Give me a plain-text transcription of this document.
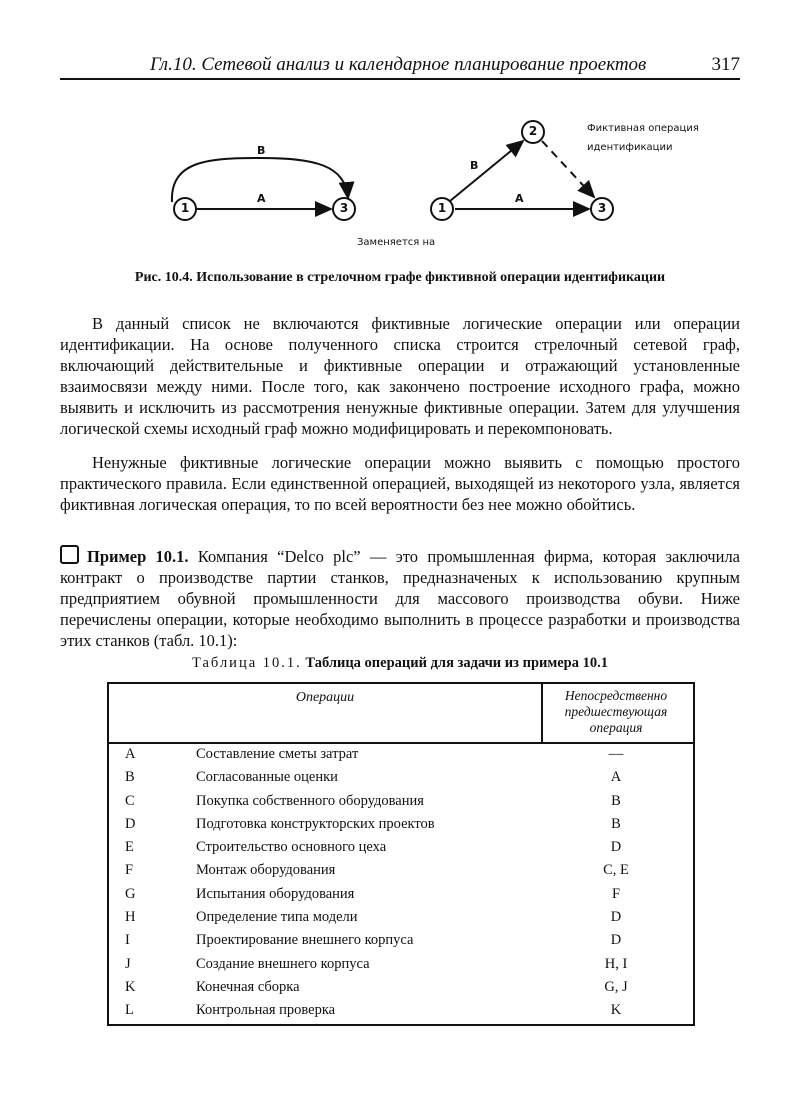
Гл.10. Сетевой анализ и календарное планирование проектов	317
B
A
1	3
B
A
1
2
3
Фиктивная операция
идентификации
Заменяется на
Рис. 10.4. Использование в стрелочном графе фиктивной операции идентификации

В данный список не включаются фиктивные логические операции или операции идентификации. На основе полученного списка строится стрелочный сетевой граф, включающий действительные и фиктивные операции и отражающий установленные взаимосвязи между ними. После того, как закончено построение исходного графа, можно выявить и исключить из рассмотрения ненужные фиктивные операции. Затем для улучшения логической схемы исходный граф можно модифицировать и перекомпоновать.

Ненужные фиктивные логические операции можно выявить с помощью простого практического правила. Если единственной операцией, выходящей из некоторого узла, является фиктивная логическая операция, то по всей вероятности без нее можно обойтись.

Пример 10.1. Компания “Delco plc” — это промышленная фирма, которая заключила контракт о производстве партии станков, предназначеных к использованию крупным предприятием обувной промышленности для массового производства обуви. Ниже перечислены операции, которые необходимо выполнить в процессе разработки и производства этих станков (табл. 10.1):

Таблица 10.1. Таблица операций для задачи из примера 10.1
Операции	Непосредственно предшествующая операция
A	Составление сметы затрат	—
B	Согласованные оценки	A
C	Покупка собственного оборудования	B
D	Подготовка конструкторских проектов	B
E	Строительство основного цеха	D
F	Монтаж оборудования	C, E
G	Испытания оборудования	F
H	Определение типа модели	D
I	Проектирование внешнего корпуса	D
J	Создание внешнего корпуса	H, I
K	Конечная сборка	G, J
L	Контрольная проверка	K
